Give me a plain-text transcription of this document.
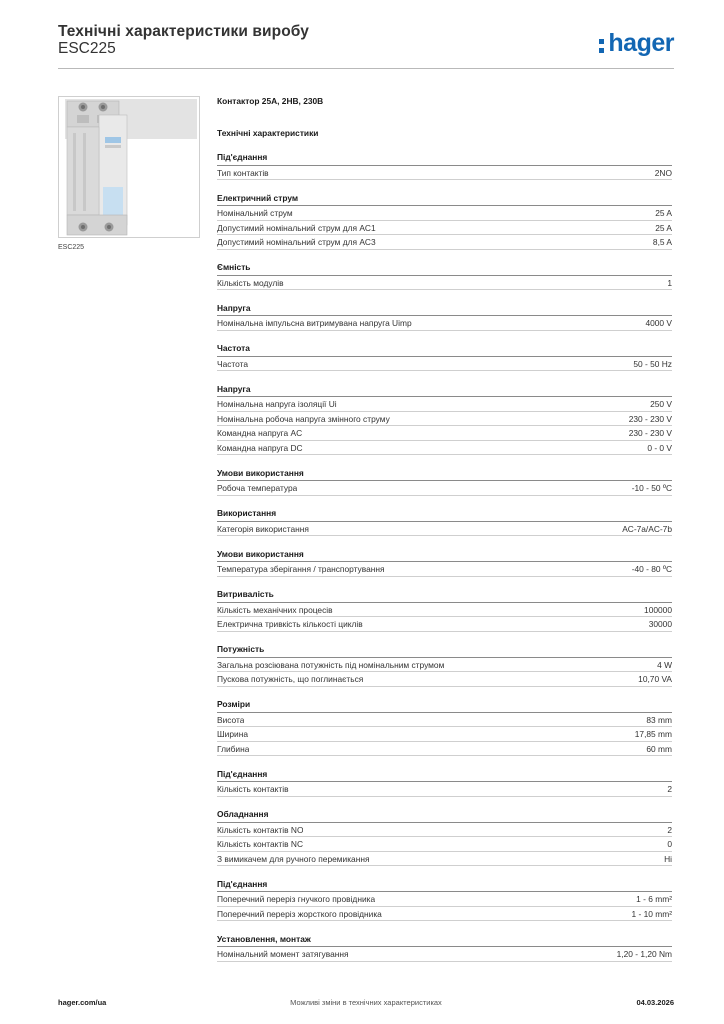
Технічні характеристики виробу
ESC225	hager
ESC225
Контактор 25A, 2НВ, 230В
Технічні характеристики
Під'єднання
Тип контактів	2NO
Електричний струм
Номінальний струм	25 A
Допустимий номінальний струм для AC1	25 A
Допустимий номінальний струм для AC3	8,5 A
Ємність
Кількість модулів	1
Напруга
Номінальна імпульсна витримувана напруга Uimp	4000 V
Частота
Частота	50 - 50 Hz
Напруга
Номінальна напруга ізоляції Ui	250 V
Номінальна робоча напруга змінного струму	230 - 230 V
Командна напруга AC	230 - 230 V
Командна напруга DC	0 - 0 V
Умови використання
Робоча температура	-10 - 50 ºC
Використання
Категорія використання	AC-7a/AC-7b
Умови використання
Температура зберігання / транспортування	-40 - 80 ºC
Витривалість
Кількість механічних процесів	100000
Електрична тривкість кількості циклів	30000
Потужність
Загальна розсіювана потужність під номінальним струмом	4 W
Пускова потужність, що поглинається	10,70 VA
Розміри
Висота	83 mm
Ширина	17,85 mm
Глибина	60 mm
Під'єднання
Кількість контактів	2
Обладнання
Кількість контактів NO	2
Кількість контактів NC	0
З вимикачем для ручного перемикання	Ні
Під'єднання
Поперечний переріз гнучкого провідника	1 - 6 mm²
Поперечний переріз жорсткого провідника	1 - 10 mm²
Установлення, монтаж
Номінальний момент затягування	1,20 - 1,20 Nm
hager.com/ua	Можливі зміни в технічних характеристиках	04.03.2026
